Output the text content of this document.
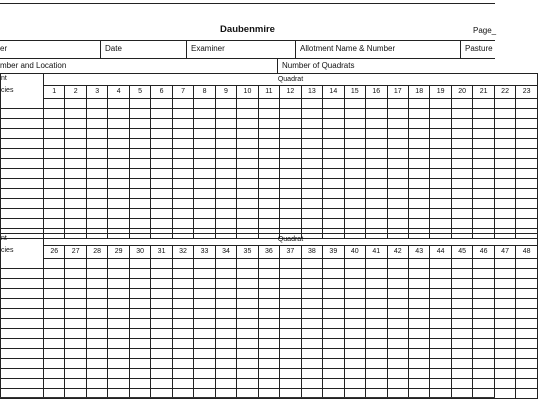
Daubenmire	Page_
er	Date	Examiner	Allotment Name & Number	Pasture
mber and Location	Number of Quadrats
nt	Quadrat																						
cies	1	2	3	4	5	6	7	8	9	10	11	12	13	14	15	16	17	18	19	20	21	22	23

nt	Quadrat																						
cies	26	27	28	29	30	31	32	33	34	35	36	37	38	39	40	41	42	43	44	45	46	47	48
